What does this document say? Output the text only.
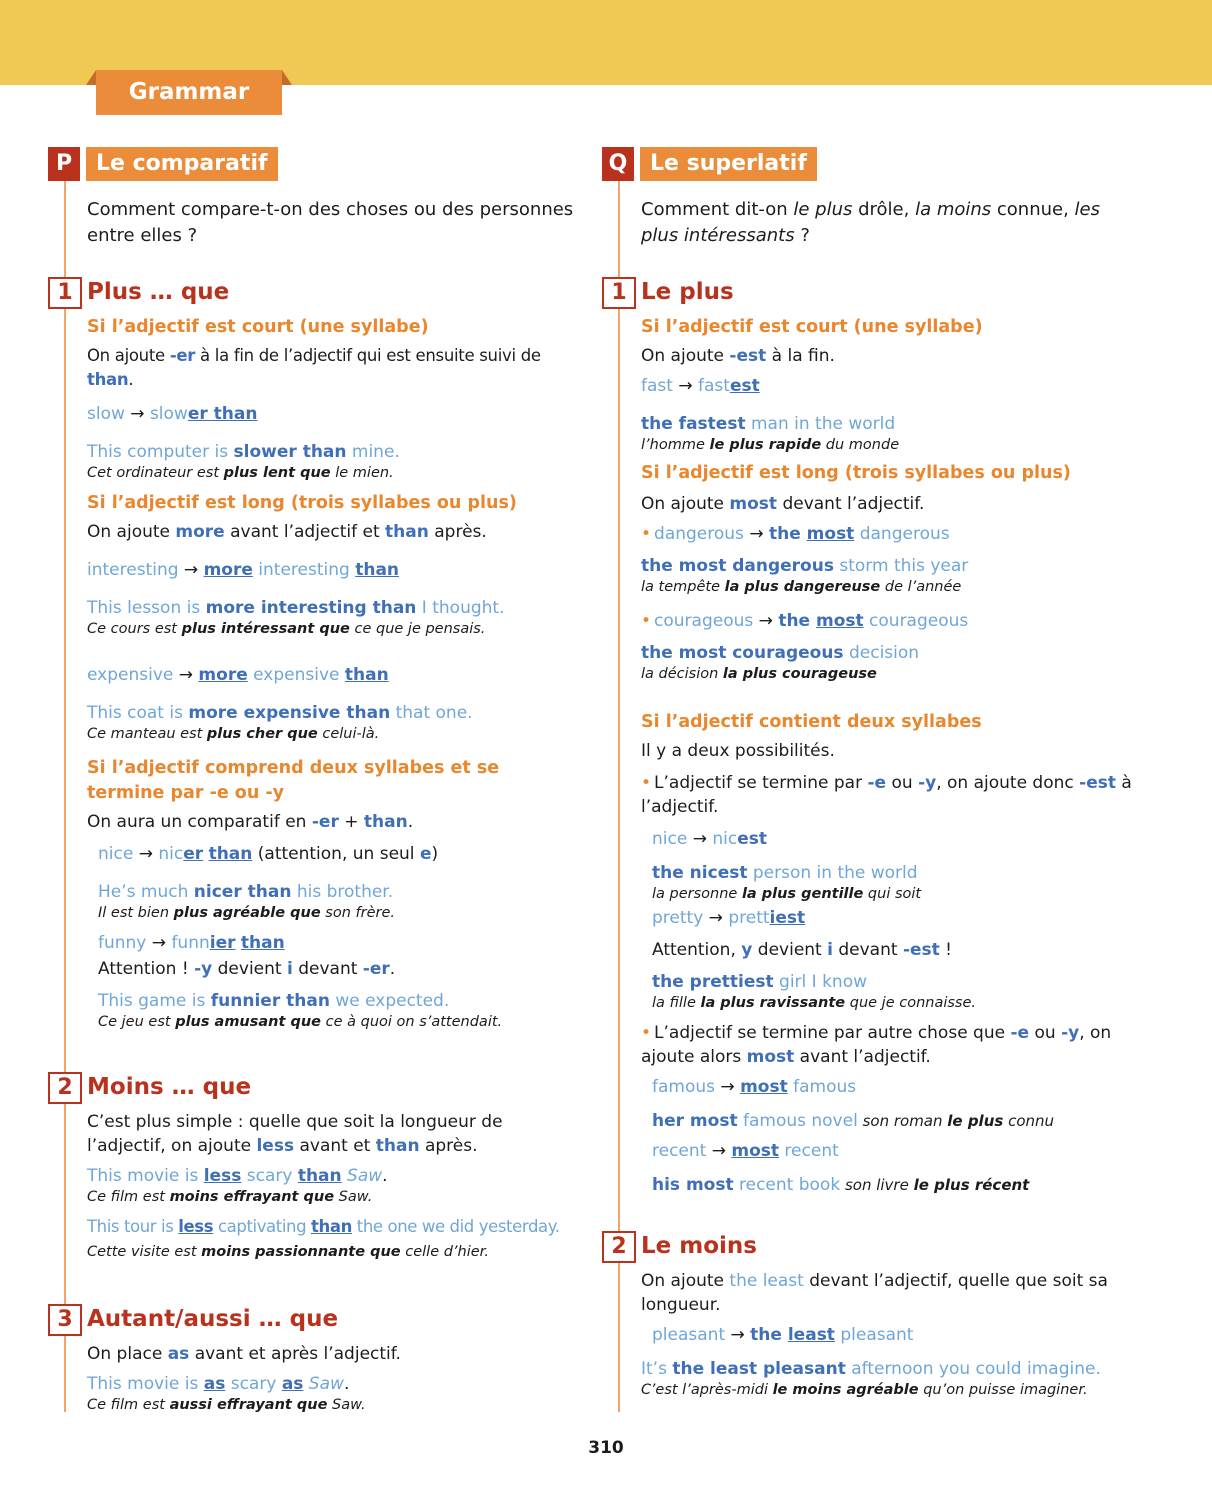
Grammar
P	Le comparatif
Comment compare-t-on des choses ou des personnes entre elles ?
1 Plus … que
Si l’adjectif est court (une syllabe)
On ajoute -er à la fin de l’adjectif qui est ensuite suivi de than.
slow → slower than
This computer is slower than mine.
Cet ordinateur est plus lent que le mien.
Si l’adjectif est long (trois syllabes ou plus)
On ajoute more avant l’adjectif et than après.
interesting → more interesting than
This lesson is more interesting than I thought.
Ce cours est plus intéressant que ce que je pensais.
expensive → more expensive than
This coat is more expensive than that one.
Ce manteau est plus cher que celui-là.
Si l’adjectif comprend deux syllabes et se termine par -e ou -y
On aura un comparatif en -er + than.
nice → nicer than (attention, un seul e)
He’s much nicer than his brother.
Il est bien plus agréable que son frère.
funny → funnier than
Attention ! -y devient i devant -er.
This game is funnier than we expected.
Ce jeu est plus amusant que ce à quoi on s’attendait.
2 Moins … que
C’est plus simple : quelle que soit la longueur de l’adjectif, on ajoute less avant et than après.
This movie is less scary than Saw.
Ce film est moins effrayant que Saw.
This tour is less captivating than the one we did yesterday.
Cette visite est moins passionnante que celle d’hier.
3 Autant/aussi … que
On place as avant et après l’adjectif.
This movie is as scary as Saw.
Ce film est aussi effrayant que Saw.
Q	Le superlatif
Comment dit-on le plus drôle, la moins connue, les plus intéressants ?
1 Le plus
Si l’adjectif est court (une syllabe)
On ajoute -est à la fin.
fast → fastest
the fastest man in the world
l’homme le plus rapide du monde
Si l’adjectif est long (trois syllabes ou plus)
On ajoute most devant l’adjectif.
• dangerous → the most dangerous
the most dangerous storm this year
la tempête la plus dangereuse de l’année
• courageous → the most courageous
the most courageous decision
la décision la plus courageuse
Si l’adjectif contient deux syllabes
Il y a deux possibilités.
• L’adjectif se termine par -e ou -y, on ajoute donc -est à l’adjectif.
nice → nicest
the nicest person in the world
la personne la plus gentille qui soit
pretty → prettiest
Attention, y devient i devant -est !
the prettiest girl I know
la fille la plus ravissante que je connaisse.
• L’adjectif se termine par autre chose que -e ou -y, on ajoute alors most avant l’adjectif.
famous → most famous
her most famous novel son roman le plus connu
recent → most recent
his most recent book son livre le plus récent
2 Le moins
On ajoute the least devant l’adjectif, quelle que soit sa longueur.
pleasant → the least pleasant
It’s the least pleasant afternoon you could imagine.
C’est l’après-midi le moins agréable qu’on puisse imaginer.
310
